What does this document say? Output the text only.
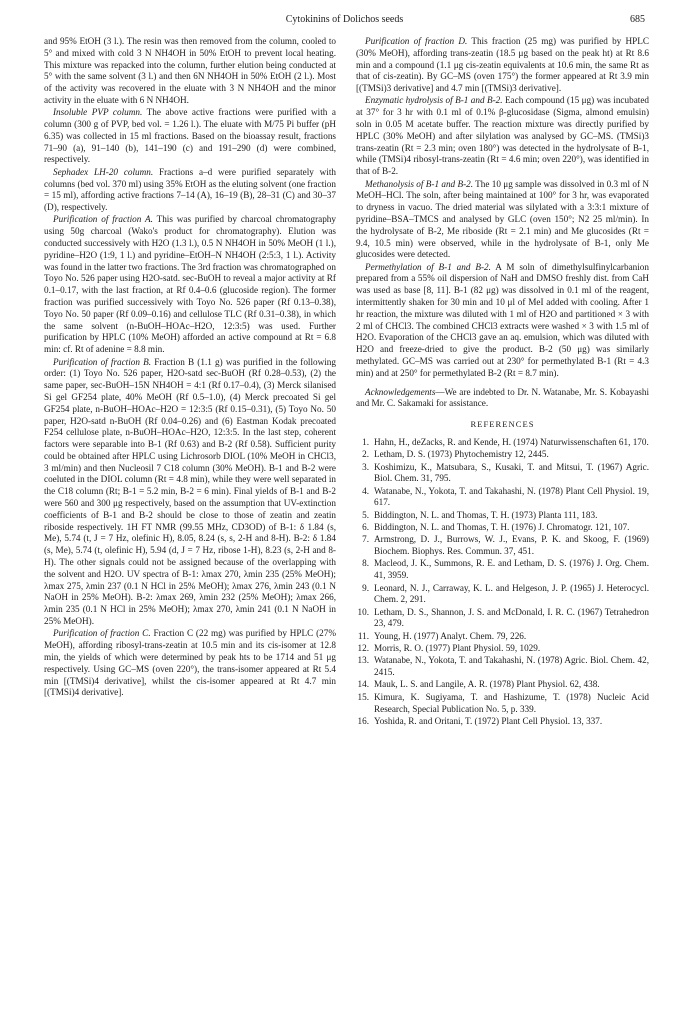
Cytokinins of Dolichos seeds	685

and 95% EtOH (3 l.). The resin was then removed from the column, cooled to 5° and mixed with cold 3 N NH4OH in 50% EtOH to prevent local heating. This mixture was repacked into the column, further elution being conducted at 5° with the same solvent (3 l.) and then 6N NH4OH in 50% EtOH (2 l.). Most of the activity was recovered in the eluate with 3 N NH4OH and the minor activity in the eluate with 6 N NH4OH.

Insoluble PVP column. The above active fractions were purified with a column (300 g of PVP, bed vol. = 1.26 l.). The eluate with M/75 Pi buffer (pH 6.35) was collected in 15 ml fractions. Based on the bioassay result, fractions 71–90 (a), 91–140 (b), 141–190 (c) and 191–290 (d) were combined, respectively.

Sephadex LH-20 column. Fractions a–d were purified separately with columns (bed vol. 370 ml) using 35% EtOH as the eluting solvent (one fraction = 15 ml), affording active fractions 7–14 (A), 16–19 (B), 28–31 (C) and 30–37 (D), respectively.

Purification of fraction A. This was purified by charcoal chromatography using 50g charcoal (Wako's product for chromatography). Elution was conducted successively with H2O (1.3 l.), 0.5 N NH4OH in 50% MeOH (1 l.), pyridine–H2O (1:9, 1 l.) and pyridine–EtOH–N NH4OH (2:5:3, 1 l.). Activity was found in the latter two fractions. The 3rd fraction was chromatographed on Toyo No. 526 paper using H2O-satd. sec-BuOH to reveal a major activity at Rf 0.1–0.17, with the last fraction, at Rf 0.4–0.6 (glucoside region). The former fraction was purified successively with Toyo No. 526 paper (Rf 0.13–0.38), Toyo No. 50 paper (Rf 0.09–0.16) and cellulose TLC (Rf 0.31–0.38), in which the same solvent (n-BuOH–HOAc–H2O, 12:3:5) was used. Further purification by HPLC (10% MeOH) afforded an active compound at Rt = 6.8 min: cf. Rt of adenine = 8.8 min.

Purification of fraction B. Fraction B (1.1 g) was purified in the following order: (1) Toyo No. 526 paper, H2O-satd sec-BuOH (Rf 0.28–0.53), (2) the same paper, sec-BuOH–15N NH4OH = 4:1 (Rf 0.17–0.4), (3) Merck silanised Si gel GF254 plate, 40% MeOH (Rf 0.5–1.0), (4) Merck precoated Si gel GF254 plate, n-BuOH–HOAc–H2O = 12:3:5 (Rf 0.15–0.31), (5) Toyo No. 50 paper, H2O-satd n-BuOH (Rf 0.04–0.26) and (6) Eastman Kodak precoated F254 cellulose plate, n-BuOH–HOAc–H2O, 12:3:5. In the last step, coherent factors were separable into B-1 (Rf 0.63) and B-2 (Rf 0.58). Sufficient purity could be obtained after HPLC using Lichrosorb DIOL (10% MeOH in CHCl3, 3 ml/min) and then Nucleosil 7 C18 column (30% MeOH). B-1 and B-2 were coeluted in the DIOL column (Rt = 4.8 min), while they were well separated in the C18 column (Rt; B-1 = 5.2 min, B-2 = 6 min). Final yields of B-1 and B-2 were 560 and 300 μg respectively, based on the assumption that UV-extinction coefficients of B-1 and B-2 should be close to those of zeatin and zeatin riboside respectively. 1H FT NMR (99.55 MHz, CD3OD) of B-1: δ 1.84 (s, Me), 5.74 (t, J = 7 Hz, olefinic H), 8.05, 8.24 (s, s, 2-H and 8-H). B-2: δ 1.84 (s, Me), 5.74 (t, olefinic H), 5.94 (d, J = 7 Hz, ribose 1-H), 8.23 (s, 2-H and 8-H). The other signals could not be assigned because of the overlapping with the solvent and H2O. UV spectra of B-1: λmax 270, λmin 235 (25% MeOH); λmax 275, λmin 237 (0.1 N HCl in 25% MeOH); λmax 276, λmin 243 (0.1 N NaOH in 25% MeOH). B-2: λmax 269, λmin 232 (25% MeOH); λmax 266, λmin 235 (0.1 N HCl in 25% MeOH); λmax 270, λmin 241 (0.1 N NaOH in 25% MeOH).

Purification of fraction C. Fraction C (22 mg) was purified by HPLC (27% MeOH), affording ribosyl-trans-zeatin at 10.5 min and its cis-isomer at 12.8 min, the yields of which were determined by peak hts to be 1714 and 51 μg respectively. Using GC–MS (oven 220°), the trans-isomer appeared at Rt 5.4 min [(TMSi)4 derivative], whilst the cis-isomer appeared at Rt 4.7 min [(TMSi)4 derivative].

Purification of fraction D. This fraction (25 mg) was purified by HPLC (30% MeOH), affording trans-zeatin (18.5 μg based on the peak ht) at Rt 8.6 min and a compound (1.1 μg cis-zeatin equivalents at 10.6 min, the same Rt as that of cis-zeatin). By GC–MS (oven 175°) the former appeared at Rt 3.9 min [(TMSi)3 derivative] and 4.7 min [(TMSi)3 derivative].

Enzymatic hydrolysis of B-1 and B-2. Each compound (15 μg) was incubated at 37° for 3 hr with 0.1 ml of 0.1% β-glucosidase (Sigma, almond emulsin) soln in 0.05 M acetate buffer. The reaction mixture was directly purified by HPLC (30% MeOH) and after silylation was analysed by GC–MS. (TMSi)3 trans-zeatin (Rt = 2.3 min; oven 180°) was detected in the hydrolysate of B-1, while (TMSi)4 ribosyl-trans-zeatin (Rt = 4.6 min; oven 220°), was identified in that of B-2.

Methanolysis of B-1 and B-2. The 10 μg sample was dissolved in 0.3 ml of N MeOH–HCl. The soln, after being maintained at 100° for 3 hr, was evaporated to dryness in vacuo. The dried material was silylated with a 3:3:1 mixture of pyridine–BSA–TMCS and analysed by GLC (oven 150°; N2 25 ml/min). In the hydrolysate of B-2, Me riboside (Rt = 2.1 min) and Me glucosides (Rt = 9.4, 10.5 min) were observed, while in the hydrolysate of B-1, only Me glucosides were detected.

Permethylation of B-1 and B-2. A M soln of dimethylsulfinylcarbanion prepared from a 55% oil dispersion of NaH and DMSO freshly dist. from CaH was used as base [8, 11]. B-1 (82 μg) was dissolved in 0.1 ml of the reagent, intermittently shaken for 30 min and 10 μl of MeI added with cooling. After 1 hr reaction, the mixture was diluted with 1 ml of H2O and partitioned × 3 with 2 ml of CHCl3. The combined CHCl3 extracts were washed × 3 with 1.5 ml of H2O. Evaporation of the CHCl3 gave an aq. emulsion, which was diluted with H2O and freeze-dried to give the product. B-2 (50 μg) was similarly methylated. GC–MS was carried out at 230° for permethylated B-1 (Rt = 4.3 min) and at 250° for permethylated B-2 (Rt = 8.7 min).

Acknowledgements—We are indebted to Dr. N. Watanabe, Mr. S. Kobayashi and Mr. C. Sakamaki for assistance.

REFERENCES
1. Hahn, H., deZacks, R. and Kende, H. (1974) Naturwissenschaften 61, 170.
2. Letham, D. S. (1973) Phytochemistry 12, 2445.
3. Koshimizu, K., Matsubara, S., Kusaki, T. and Mitsui, T. (1967) Agric. Biol. Chem. 31, 795.
4. Watanabe, N., Yokota, T. and Takahashi, N. (1978) Plant Cell Physiol. 19, 617.
5. Biddington, N. L. and Thomas, T. H. (1973) Planta 111, 183.
6. Biddington, N. L. and Thomas, T. H. (1976) J. Chromatogr. 121, 107.
7. Armstrong, D. J., Burrows, W. J., Evans, P. K. and Skoog, F. (1969) Biochem. Biophys. Res. Commun. 37, 451.
8. Macleod, J. K., Summons, R. E. and Letham, D. S. (1976) J. Org. Chem. 41, 3959.
9. Leonard, N. J., Carraway, K. L. and Helgeson, J. P. (1965) J. Heterocycl. Chem. 2, 291.
10. Letham, D. S., Shannon, J. S. and McDonald, I. R. C. (1967) Tetrahedron 23, 479.
11. Young, H. (1977) Analyt. Chem. 79, 226.
12. Morris, R. O. (1977) Plant Physiol. 59, 1029.
13. Watanabe, N., Yokota, T. and Takahashi, N. (1978) Agric. Biol. Chem. 42, 2415.
14. Mauk, L. S. and Langile, A. R. (1978) Plant Physiol. 62, 438.
15. Kimura, K. Sugiyama, T. and Hashizume, T. (1978) Nucleic Acid Research, Special Publication No. 5, p. 339.
16. Yoshida, R. and Oritani, T. (1972) Plant Cell Physiol. 13, 337.
